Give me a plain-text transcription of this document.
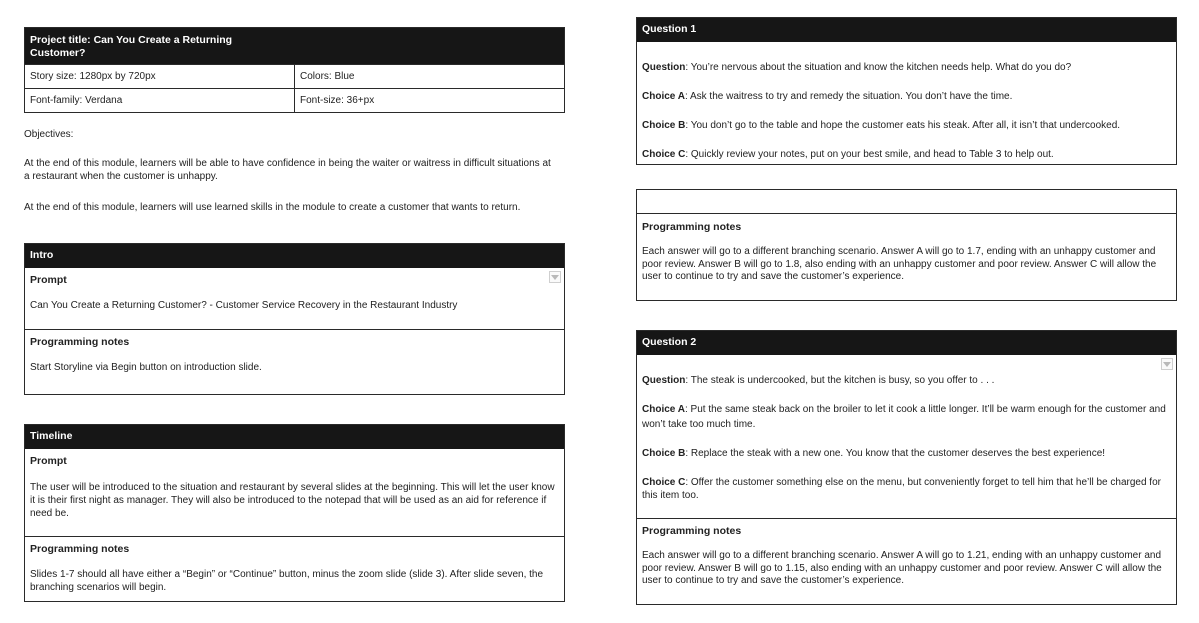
Project title: Can You Create a Returning Customer?
Story size: 1280px by 720px	Colors: Blue
Font-family: Verdana	Font-size: 36+px
Objectives:
At the end of this module, learners will be able to have confidence in being the waiter or waitress in difficult situations at a restaurant when the customer is unhappy.
At the end of this module, learners will use learned skills in the module to create a customer that wants to return.
Intro
Prompt
Can You Create a Returning Customer? - Customer Service Recovery in the Restaurant Industry
Programming notes
Start Storyline via Begin button on introduction slide.
Timeline
Prompt
The user will be introduced to the situation and restaurant by several slides at the beginning. This will let the user know it is their first night as manager. They will also be introduced to the notepad that will be used as an aid for reference if need be.
Programming notes
Slides 1-7 should all have either a “Begin” or “Continue” button, minus the zoom slide (slide 3). After slide seven, the branching scenarios will begin.
Question 1
Question: You’re nervous about the situation and know the kitchen needs help. What do you do?
Choice A: Ask the waitress to try and remedy the situation. You don’t have the time.
Choice B: You don’t go to the table and hope the customer eats his steak. After all, it isn’t that undercooked.
Choice C: Quickly review your notes, put on your best smile, and head to Table 3 to help out.
Programming notes
Each answer will go to a different branching scenario. Answer A will go to 1.7, ending with an unhappy customer and poor review. Answer B will go to 1.8, also ending with an unhappy customer and poor review. Answer C will allow the user to continue to try and save the customer’s experience.
Question 2
Question: The steak is undercooked, but the kitchen is busy, so you offer to . . .
Choice A: Put the same steak back on the broiler to let it cook a little longer. It’ll be warm enough for the customer and won’t take too much time.
Choice B: Replace the steak with a new one. You know that the customer deserves the best experience!
Choice C: Offer the customer something else on the menu, but conveniently forget to tell him that he’ll be charged for this item too.
Programming notes
Each answer will go to a different branching scenario. Answer A will go to 1.21, ending with an unhappy customer and poor review. Answer B will go to 1.15, also ending with an unhappy customer and poor review. Answer C will allow the user to continue to try and save the customer’s experience.
